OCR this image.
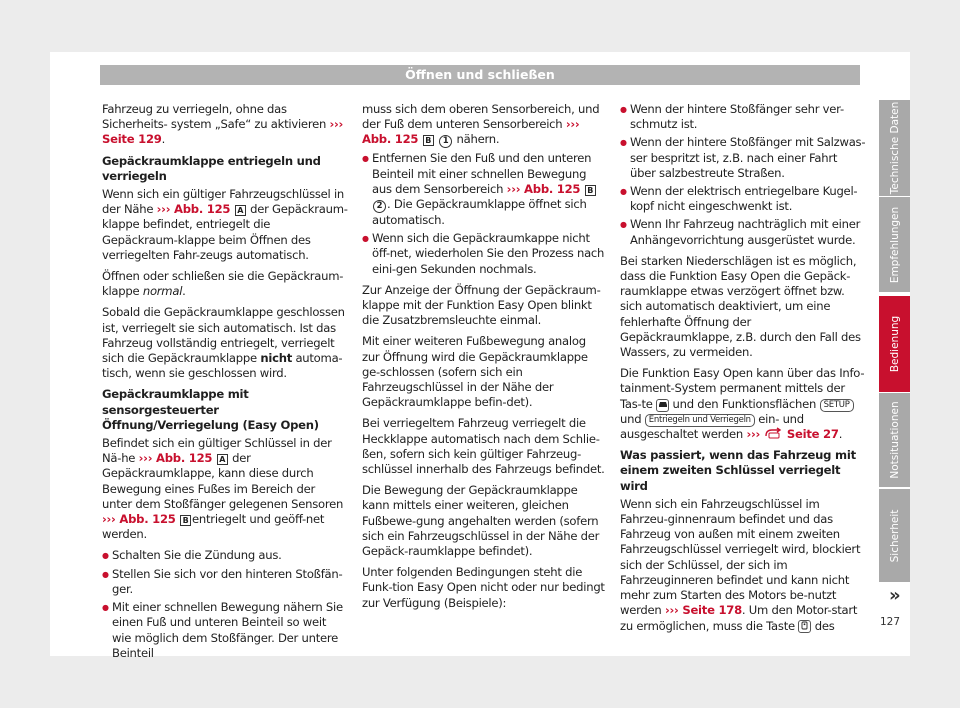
Öffnen und schließen

Fahrzeug zu verriegeln, ohne das Sicherheits- system „Safe“ zu aktivieren ››› Seite 129.

Gepäckraumklappe entriegeln und verriegeln

Wenn sich ein gültiger Fahrzeugschlüssel in der Nähe ››› Abb. 125 A der Gepäckraum-klappe befindet, entriegelt die Gepäckraum-klappe beim Öffnen des verriegelten Fahr-zeugs automatisch.

Öffnen oder schließen sie die Gepäckraum-klappe normal.

Sobald die Gepäckraumklappe geschlossen ist, verriegelt sie sich automatisch. Ist das Fahrzeug vollständig entriegelt, verriegelt sich die Gepäckraumklappe nicht automa-tisch, wenn sie geschlossen wird.

Gepäckraumklappe mit sensorgesteuerter Öffnung/Verriegelung (Easy Open)

Befindet sich ein gültiger Schlüssel in der Nä-he ››› Abb. 125 A der Gepäckraumklappe, kann diese durch Bewegung eines Fußes im Bereich der unter dem Stoßfänger gelegenen Sensoren ››› Abb. 125 B entriegelt und geöff-net werden.

● Schalten Sie die Zündung aus.
● Stellen Sie sich vor den hinteren Stoßfän-ger.
● Mit einer schnellen Bewegung nähern Sie einen Fuß und unteren Beinteil so weit wie möglich dem Stoßfänger. Der untere Beinteil

muss sich dem oberen Sensorbereich, und der Fuß dem unteren Sensorbereich ››› Abb. 125 B 1 nähern.

● Entfernen Sie den Fuß und den unteren Beinteil mit einer schnellen Bewegung aus dem Sensorbereich ››› Abb. 125 B 2 . Die Gepäckraumklappe öffnet sich automatisch.
● Wenn sich die Gepäckraumkappe nicht öff-net, wiederholen Sie den Prozess nach eini-gen Sekunden nochmals.

Zur Anzeige der Öffnung der Gepäckraum-klappe mit der Funktion Easy Open blinkt die Zusatzbremsleuchte einmal.

Mit einer weiteren Fußbewegung analog zur Öffnung wird die Gepäckraumklappe ge-schlossen (sofern sich ein Fahrzeugschlüssel in der Nähe der Gepäckraumklappe befin-det).

Bei verriegeltem Fahrzeug verriegelt die Heckklappe automatisch nach dem Schlie-ßen, sofern sich kein gültiger Fahrzeug-schlüssel innerhalb des Fahrzeugs befindet.

Die Bewegung der Gepäckraumklappe kann mittels einer weiteren, gleichen Fußbewe-gung angehalten werden (sofern sich ein Fahrzeugschlüssel in der Nähe der Gepäck-raumklappe befindet).

Unter folgenden Bedingungen steht die Funk-tion Easy Open nicht oder nur bedingt zur Verfügung (Beispiele):

● Wenn der hintere Stoßfänger sehr ver-schmutz ist.
● Wenn der hintere Stoßfänger mit Salzwas-ser bespritzt ist, z.B. nach einer Fahrt über salzbestreute Straßen.
● Wenn der elektrisch entriegelbare Kugel-kopf nicht eingeschwenkt ist.
● Wenn Ihr Fahrzeug nachträglich mit einer Anhängevorrichtung ausgerüstet wurde.

Bei starken Niederschlägen ist es möglich, dass die Funktion Easy Open die Gepäck-raumklappe etwas verzögert öffnet bzw. sich automatisch deaktiviert, um eine fehlerhafte Öffnung der Gepäckraumklappe, z.B. durch den Fall des Wassers, zu vermeiden.

Die Funktion Easy Open kann über das Info-tainment-System permanent mittels der Tas-te und den Funktionsflächen SETUP und Entriegeln und Verriegeln ein- und ausgeschaltet werden ››› Seite 27.

Was passiert, wenn das Fahrzeug mit einem zweiten Schlüssel verriegelt wird

Wenn sich ein Fahrzeugschlüssel im Fahrzeu-ginnenraum befindet und das Fahrzeug von außen mit einem zweiten Fahrzeugschlüssel verriegelt wird, blockiert sich der Schlüssel, der sich im Fahrzeuginneren befindet und kann nicht mehr zum Starten des Motors be-nutzt werden ››› Seite 178. Um den Motor-start zu ermöglichen, muss die Taste des

Technische Daten
Empfehlungen
Bedienung
Notsituationen
Sicherheit
»
127
